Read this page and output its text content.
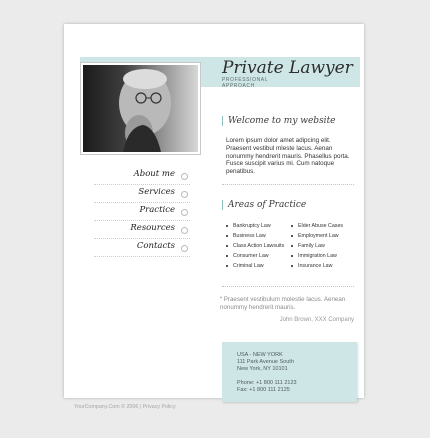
Private Lawyer
PROFESSIONAL
APPROACH
Welcome to my website
Lorem ipsum dolor amet adipcing elit. Praesent vestibul mleste lacus. Aenan nonummy hendrerit mauris. Phasellus porta. Fusce suscipit varius mi. Cum natoque penatibus.
About me
Services
Practice
Resources
Contacts
Areas of Practice
Bankruptcy Law
Business Law
Class Action Lawsuits
Consumer Law
Criminal Law
Elder Abuse Cases
Employment Law
Family Law
Immigration Law
Insurance Law
“ Praesent vestibulum molestie lacus. Aenean nonummy hendrerit mauris.
John Brown, XXX Company
USA - NEW YORK
111 Park Avenue South
New York, NY 10101
Phone: +1 800 111 2123
Fax: +1 800 111 2125
YourCompany.Com © 2006 | Privacy Policy
